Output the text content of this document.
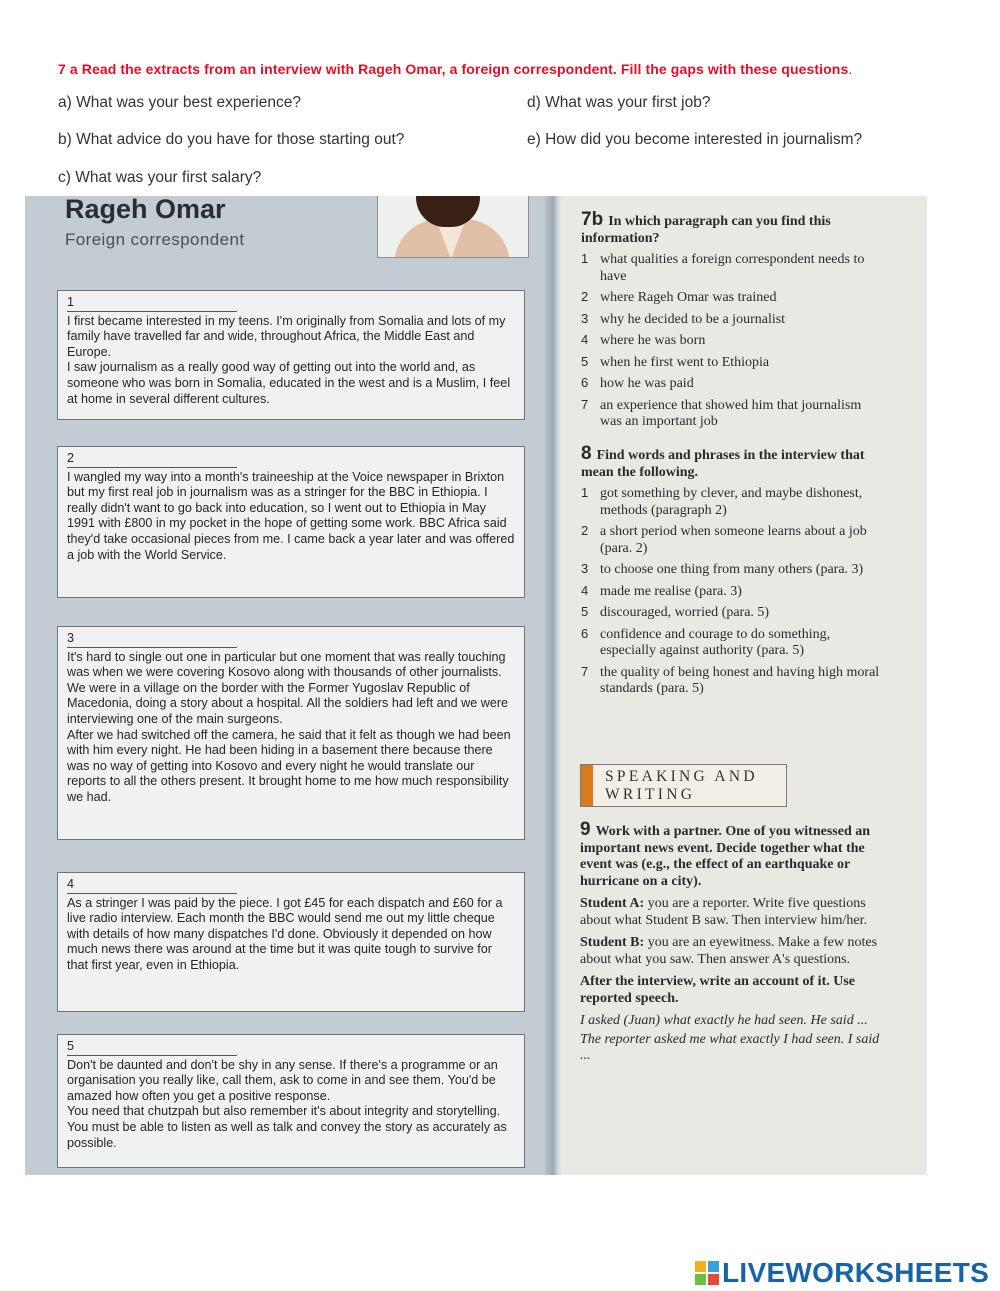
7 a Read the extracts from an interview with Rageh Omar, a foreign correspondent. Fill the gaps with these questions.
a) What was your best experience?
b) What advice do you have for those starting out?
c) What was your first salary?
d) What was your first job?
e) How did you become interested in journalism?
Rageh Omar
Foreign correspondent
1

I first became interested in my teens. I'm originally from Somalia and lots of my family have travelled far and wide, throughout Africa, the Middle East and Europe.

I saw journalism as a really good way of getting out into the world and, as someone who was born in Somalia, educated in the west and is a Muslim, I feel at home in several different cultures.

2

I wangled my way into a month's traineeship at the Voice newspaper in Brixton but my first real job in journalism was as a stringer for the BBC in Ethiopia. I really didn't want to go back into education, so I went out to Ethiopia in May 1991 with £800 in my pocket in the hope of getting some work. BBC Africa said they'd take occasional pieces from me. I came back a year later and was offered a job with the World Service.

3

It's hard to single out one in particular but one moment that was really touching was when we were covering Kosovo along with thousands of other journalists. We were in a village on the border with the Former Yugoslav Republic of Macedonia, doing a story about a hospital. All the soldiers had left and we were interviewing one of the main surgeons.

After we had switched off the camera, he said that it felt as though we had been with him every night. He had been hiding in a basement there because there was no way of getting into Kosovo and every night he would translate our reports to all the others present. It brought home to me how much responsibility we had.

4

As a stringer I was paid by the piece. I got £45 for each dispatch and £60 for a live radio interview. Each month the BBC would send me out my little cheque with details of how many dispatches I'd done. Obviously it depended on how much news there was around at the time but it was quite tough to survive for that first year, even in Ethiopia.

5

Don't be daunted and don't be shy in any sense. If there's a programme or an organisation you really like, call them, ask to come in and see them. You'd be amazed how often you get a positive response.

You need that chutzpah but also remember it's about integrity and storytelling. You must be able to listen as well as talk and convey the story as accurately as possible.

7b In which paragraph can you find this information?
1 what qualities a foreign correspondent needs to have
2 where Rageh Omar was trained
3 why he decided to be a journalist
4 where he was born
5 when he first went to Ethiopia
6 how he was paid
7 an experience that showed him that journalism was an important job
8 Find words and phrases in the interview that mean the following.
1 got something by clever, and maybe dishonest, methods (paragraph 2)
2 a short period when someone learns about a job (para. 2)
3 to choose one thing from many others (para. 3)
4 made me realise (para. 3)
5 discouraged, worried (para. 5)
6 confidence and courage to do something, especially against authority (para. 5)
7 the quality of being honest and having high moral standards (para. 5)
SPEAKING AND
WRITING

9 Work with a partner. One of you witnessed an important news event. Decide together what the event was (e.g., the effect of an earthquake or hurricane on a city).

Student A: you are a reporter. Write five questions about what Student B saw. Then interview him/her.

Student B: you are an eyewitness. Make a few notes about what you saw. Then answer A's questions.

After the interview, write an account of it. Use reported speech.

I asked (Juan) what exactly he had seen. He said ...

The reporter asked me what exactly I had seen. I said ...

LIVEWORKSHEETS
